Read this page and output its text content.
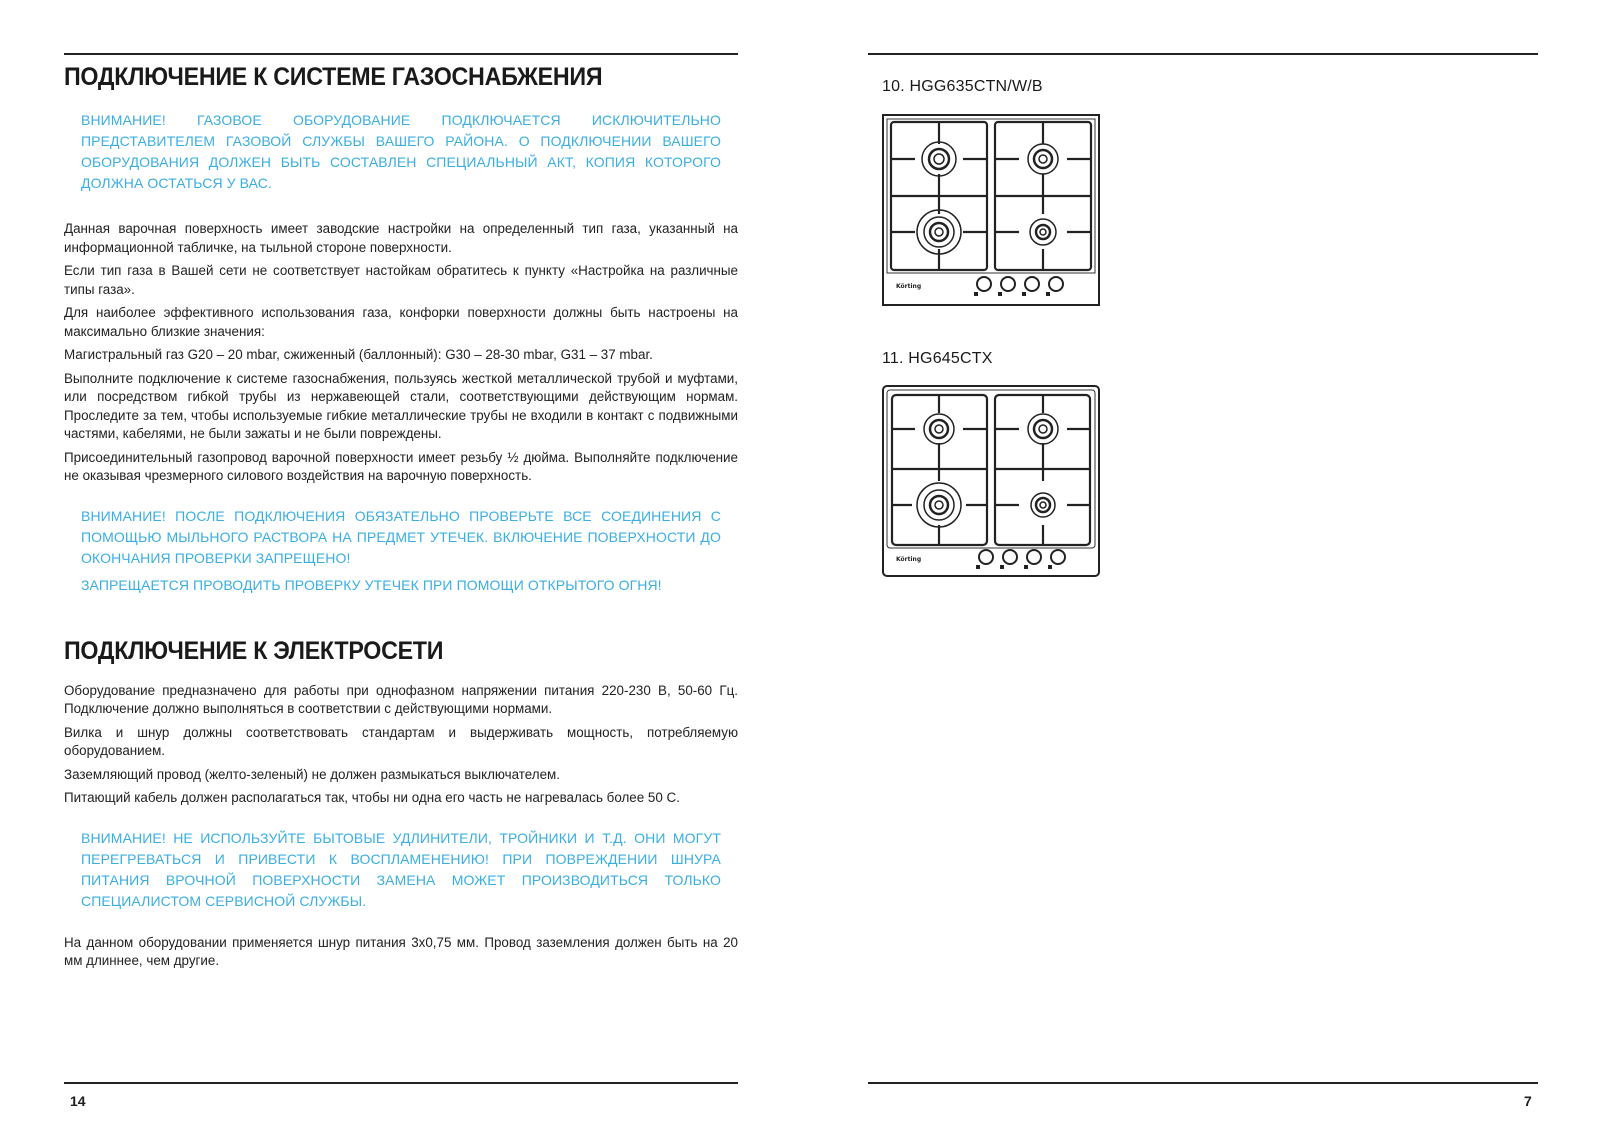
ПОДКЛЮЧЕНИЕ К СИСТЕМЕ ГАЗОСНАБЖЕНИЯ

ВНИМАНИЕ! ГАЗОВОЕ ОБОРУДОВАНИЕ ПОДКЛЮЧАЕТСЯ ИСКЛЮЧИТЕЛЬНО ПРЕДСТАВИТЕЛЕМ ГАЗОВОЙ СЛУЖБЫ ВАШЕГО РАЙОНА. О ПОДКЛЮЧЕНИИ ВАШЕГО ОБОРУДОВАНИЯ ДОЛЖЕН БЫТЬ СОСТАВЛЕН СПЕЦИАЛЬНЫЙ АКТ, КОПИЯ КОТОРОГО ДОЛЖНА ОСТАТЬСЯ У ВАС.

Данная варочная поверхность имеет заводские настройки на определенный тип газа, указанный на информационной табличке, на тыльной стороне поверхности.

Если тип газа в Вашей сети не соответствует настойкам обратитесь к пункту «Настройка на различные типы газа».

Для наиболее эффективного использования газа, конфорки поверхности должны быть настроены на максимально близкие значения:

Магистральный газ G20 – 20 mbar, сжиженный (баллонный): G30 – 28-30 mbar, G31 – 37 mbar.

Выполните подключение к системе газоснабжения, пользуясь жесткой металлической трубой и муфтами, или посредством гибкой трубы из нержавеющей стали, соответствующими действующим нормам. Проследите за тем, чтобы используемые гибкие металлические трубы не входили в контакт с подвижными частями, кабелями, не были зажаты и не были повреждены.

Присоединительный газопровод варочной поверхности имеет резьбу ½ дюйма. Выполняйте подключение не оказывая чрезмерного силового воздействия на варочную поверхность.

ВНИМАНИЕ! ПОСЛЕ ПОДКЛЮЧЕНИЯ ОБЯЗАТЕЛЬНО ПРОВЕРЬТЕ ВСЕ СОЕДИНЕНИЯ С ПОМОЩЬЮ МЫЛЬНОГО РАСТВОРА НА ПРЕДМЕТ УТЕЧЕК. ВКЛЮЧЕНИЕ ПОВЕРХНОСТИ ДО ОКОНЧАНИЯ ПРОВЕРКИ ЗАПРЕЩЕНО!

ЗАПРЕЩАЕТСЯ ПРОВОДИТЬ ПРОВЕРКУ УТЕЧЕК ПРИ ПОМОЩИ ОТКРЫТОГО ОГНЯ!

ПОДКЛЮЧЕНИЕ К ЭЛЕКТРОСЕТИ

Оборудование предназначено для работы при однофазном напряжении питания 220-230 В, 50-60 Гц. Подключение должно выполняться в соответствии с действующими нормами.

Вилка и шнур должны соответствовать стандартам и выдерживать мощность, потребляемую оборудованием.

Заземляющий провод (желто-зеленый) не должен размыкаться выключателем.

Питающий кабель должен располагаться так, чтобы ни одна его часть не нагревалась более 50 С.

ВНИМАНИЕ! НЕ ИСПОЛЬЗУЙТЕ БЫТОВЫЕ УДЛИНИТЕЛИ, ТРОЙНИКИ И Т.Д. ОНИ МОГУТ ПЕРЕГРЕВАТЬСЯ И ПРИВЕСТИ К ВОСПЛАМЕНЕНИЮ! ПРИ ПОВРЕЖДЕНИИ ШНУРА ПИТАНИЯ ВРОЧНОЙ ПОВЕРХНОСТИ ЗАМЕНА МОЖЕТ ПРОИЗВОДИТЬСЯ ТОЛЬКО СПЕЦИАЛИСТОМ СЕРВИСНОЙ СЛУЖБЫ.

На данном оборудовании применяется шнур питания 3х0,75 мм. Провод заземления должен быть на 20 мм длиннее, чем другие.

10. HGG635CTN/W/B
Körting
11. HG645CTX
Körting
14	7
